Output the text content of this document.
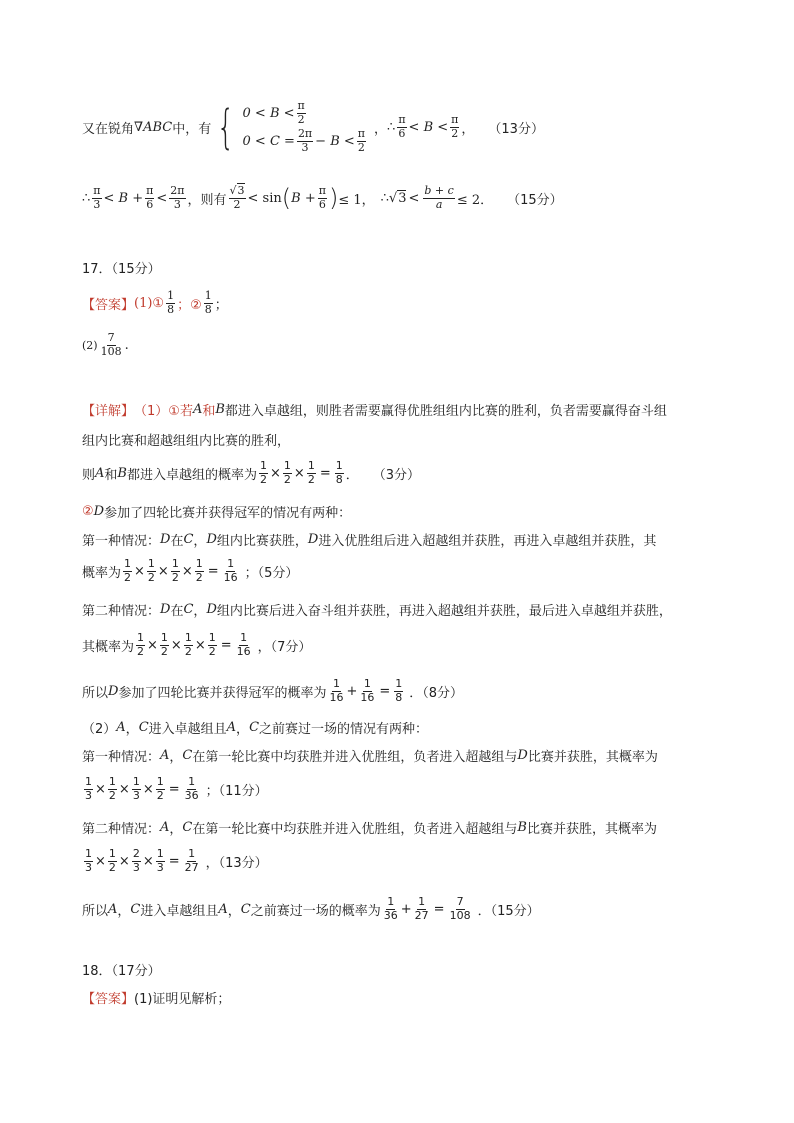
又在锐角 ∇ABC 中，有 { $0 < B < \frac{\pi}{2}$
$0 < C = \frac{2\pi}{3} - B < \frac{\pi}{2}$ ， ∴ $\frac{\pi}{6} < B < \frac{\pi}{2}$ ， （13分）
∴ $\frac{\pi}{3} < B + \frac{\pi}{6} < \frac{2\pi}{3}$ ，则有 $\frac{√3}{2} < \sin$ ( $B + \frac{\pi}{6}$ ) ≤ 1， ∴ $√3 < \frac{b + c}{a} \le 2$． （15分）
17．（15分）
【答案】 (1)① $\frac{1}{8}$ ；② $\frac{1}{8}$ ；
$(2) \frac{7}{108}$ .
【详解】 （1）①若 A 和 B 都进入卓越组，则胜者需要赢得优胜组组内比赛的胜利，负者需要赢得奋斗组
组内比赛和超越组组内比赛的胜利，
则 A 和 B 都进入卓越组的概率为 $\frac{1}{2} \times \frac{1}{2} \times \frac{1}{2} = \frac{1}{8}$ ． （3分）
② D 参加了四轮比赛并获得冠军的情况有两种：
第一种情况： D 在 C ， D 组内比赛获胜， D 进入优胜组后进入超越组并获胜，再进入卓越组并获胜，其
概率为 $\frac{1}{2} \times \frac{1}{2} \times \frac{1}{2} \times \frac{1}{2} = \frac{1}{16}$ ；（5分）
第二种情况： D 在 C ， D 组内比赛后进入奋斗组并获胜，再进入超越组并获胜，最后进入卓越组并获胜，
其概率为 $\frac{1}{2} \times \frac{1}{2} \times \frac{1}{2} \times \frac{1}{2} = \frac{1}{16}$ ，（7分）
所以 D 参加了四轮比赛并获得冠军的概率为 $\frac{1}{16} + \frac{1}{16} = \frac{1}{8}$ ．（8分）
（2） A ， C 进入卓越组且 A ， C 之前赛过一场的情况有两种：
第一种情况： A ， C 在第一轮比赛中均获胜并进入优胜组，负者进入超越组与 D 比赛并获胜，其概率为
$\frac{1}{3} \times \frac{1}{2} \times \frac{1}{3} \times \frac{1}{2} = \frac{1}{36}$ ；（11分）
第二种情况： A ， C 在第一轮比赛中均获胜并进入优胜组，负者进入超越组与 B 比赛并获胜，其概率为
$\frac{1}{3} \times \frac{1}{2} \times \frac{2}{3} \times \frac{1}{3} = \frac{1}{27}$ ，（13分）
所以 A ， C 进入卓越组且 A ， C 之前赛过一场的概率为 $\frac{1}{36} + \frac{1}{27} = \frac{7}{108}$ ．（15分）
18．（17分）
【答案】 (1)证明见解析；
